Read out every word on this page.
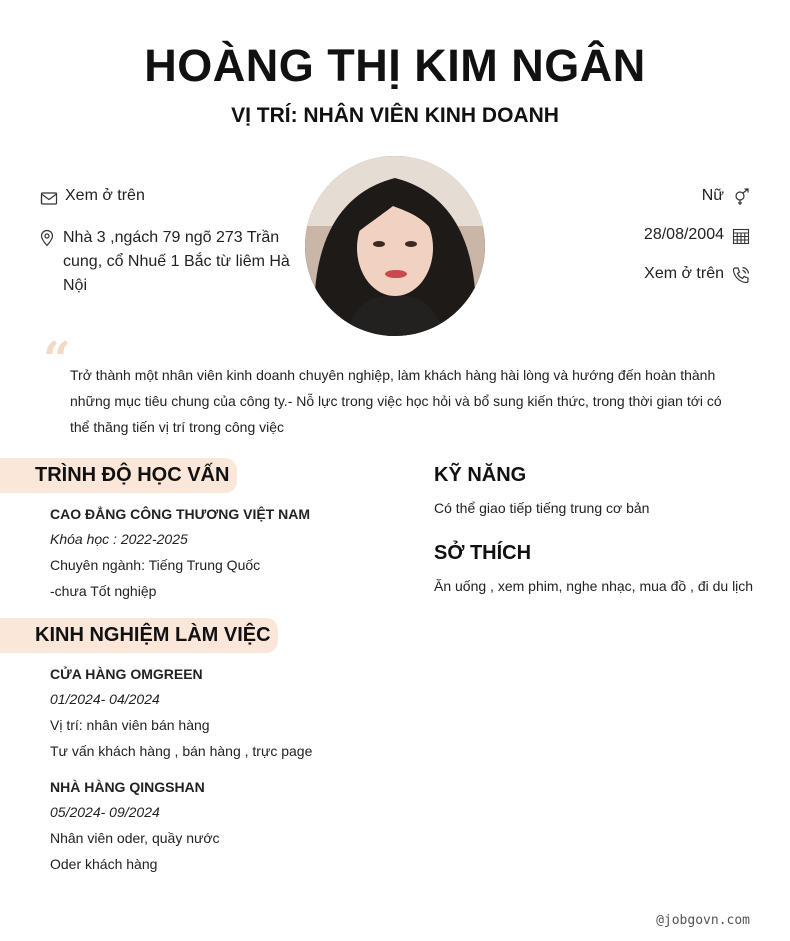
HOÀNG THỊ KIM NGÂN
VỊ TRÍ: NHÂN VIÊN KINH DOANH
Xem ở trên
Nhà 3 ,ngách 79 ngõ 273 Trần cung, cổ Nhuế 1 Bắc từ liêm Hà Nội
Nữ
28/08/2004
Xem ở trên
“ Trở thành một nhân viên kinh doanh chuyên nghiệp, làm khách hàng hài lòng và hướng đến hoàn thành những mục tiêu chung của công ty.- Nỗ lực trong việc học hỏi và bổ sung kiến thức, trong thời gian tới có thể thăng tiến vị trí trong công việc
TRÌNH ĐỘ HỌC VẤN
CAO ĐẲNG CÔNG THƯƠNG VIỆT NAM
Khóa học : 2022-2025
Chuyên ngành: Tiếng Trung Quốc
-chưa Tốt nghiệp
KINH NGHIỆM LÀM VIỆC
CỬA HÀNG OMGREEN
01/2024- 04/2024
Vị trí: nhân viên bán hàng
Tư vấn khách hàng , bán hàng , trực page
NHÀ HÀNG QINGSHAN
05/2024- 09/2024
Nhân viên oder, quầy nước
Oder khách hàng
KỸ NĂNG
Có thể giao tiếp tiếng trung cơ bản
SỞ THÍCH
Ăn uống , xem phim, nghe nhạc, mua đồ , đi du lịch
@jobgovn.com
